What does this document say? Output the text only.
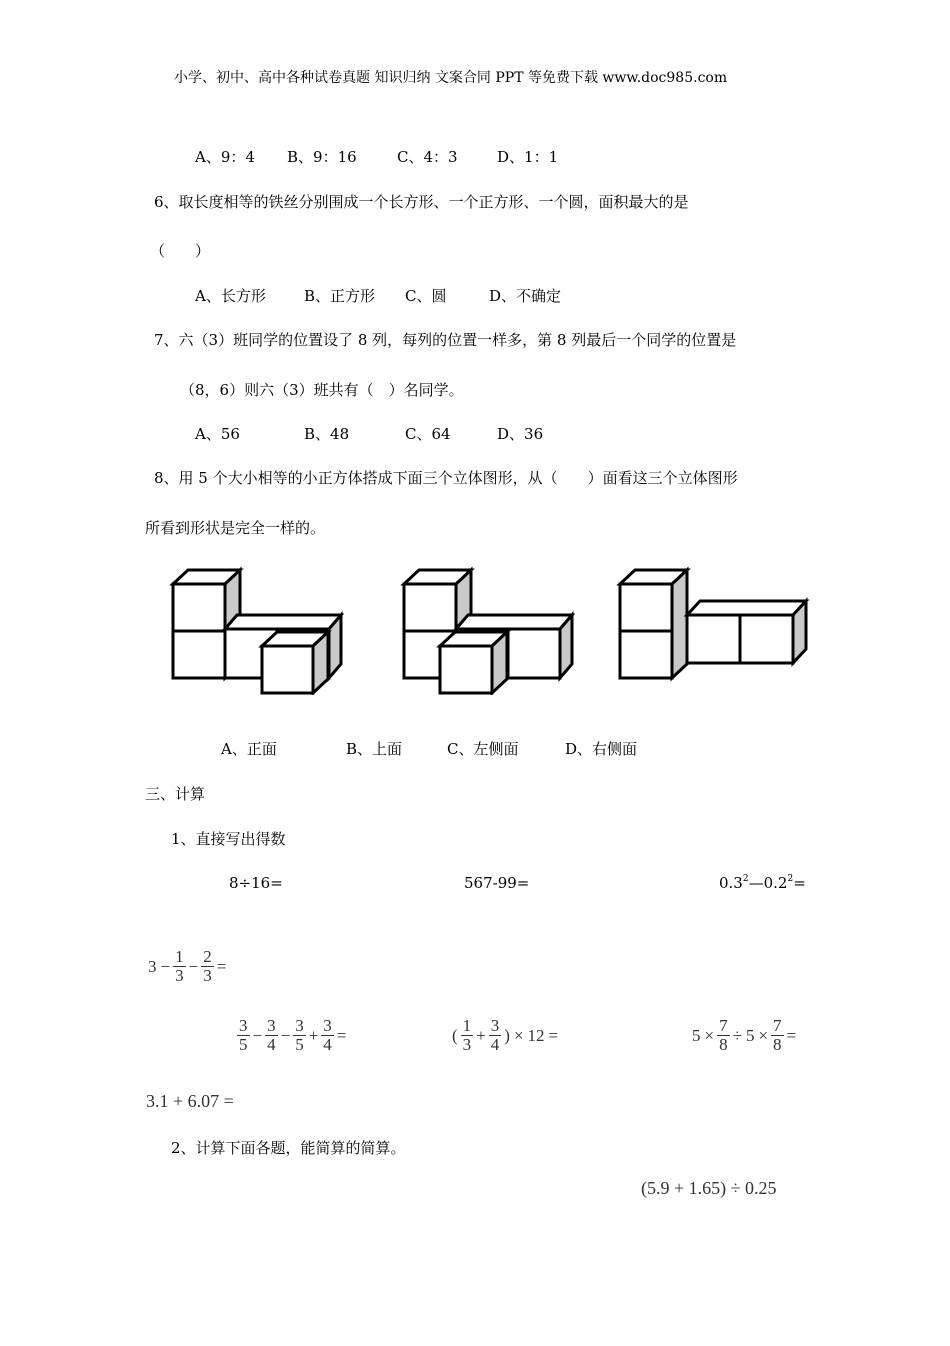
小学、初中、高中各种试卷真题 知识归纳 文案合同 PPT 等免费下载 www.doc985.com
A、9：4 B、9：16	C、4：3	D、1：1
6、取长度相等的铁丝分别围成一个长方形、一个正方形、一个圆，面积最大的是
（　　）
A、长方形	B、正方形 C、圆	D、不确定
7、六（3）班同学的位置设了 8 列，每列的位置一样多，第 8 列最后一个同学的位置是
（8，6）则六（3）班共有（　）名同学。
A、56	B、48	C、64	D、36
8、用 5 个大小相等的小正方体搭成下面三个立体图形，从（　　）面看这三个立体图形
所看到形状是完全一样的。
A、正面	B、上面	C、左侧面	D、右侧面
三、计算
1、直接写出得数
8÷16=	567-99=	$0.3^2—0.2^2=$
$3 - \frac{1}{3} - \frac{2}{3}$ =
$\frac{3}{5} - \frac{3}{4} - \frac{3}{5} + \frac{3}{4}$ =	( $\frac{1}{3} + \frac{3}{4}$ ) × 12 =	$5 \times \frac{7}{8} \div 5 \times \frac{7}{8}$ =
3.1 + 6.07 =
2、计算下面各题，能简算的简算。
(5.9 + 1.65) ÷ 0.25
